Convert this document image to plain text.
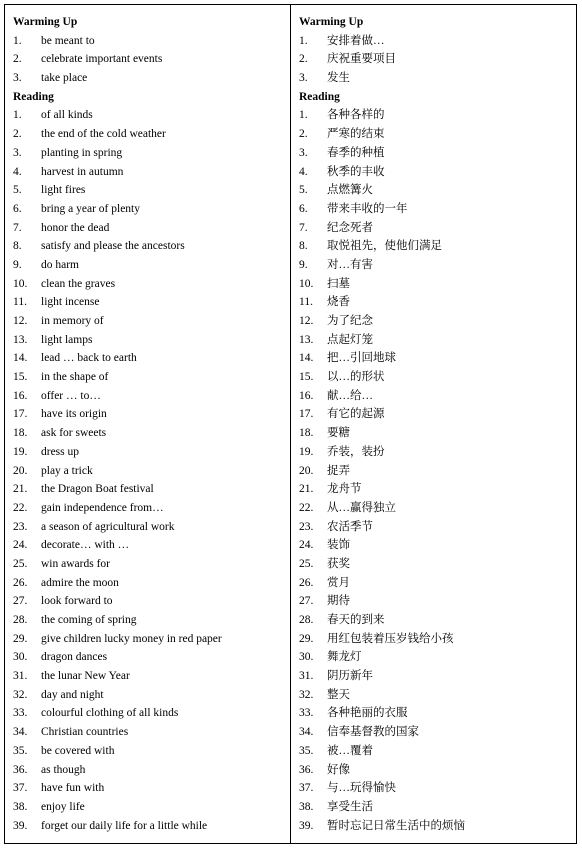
Warming Up
1.	be meant to
2.	celebrate important events
3.	take place
Reading
1.	of all kinds
2.	the end of the cold weather
3.	planting in spring
4.	harvest in autumn
5.	light fires
6.	bring a year of plenty
7.	honor the dead
8.	satisfy and please the ancestors
9.	do harm
10.	clean the graves
11.	light incense
12.	in memory of
13.	light lamps
14.	lead … back to earth
15.	in the shape of
16.	offer … to…
17.	have its origin
18.	ask for sweets
19.	dress up
20.	play a trick
21.	the Dragon Boat festival
22.	gain independence from…
23.	a season of agricultural work
24.	decorate… with …
25.	win awards for
26.	admire the moon
27.	look forward to
28.	the coming of spring
29.	give children lucky money in red paper
30.	dragon dances
31.	the lunar New Year
32.	day and night
33.	colourful clothing of all kinds
34.	Christian countries
35.	be covered with
36.	as though
37.	have fun with
38.	enjoy life
39.	forget our daily life for a little while
Warming Up
1.	安排着做…
2.	庆祝重要项目
3.	发生
Reading
1.	各种各样的
2.	严寒的结束
3.	春季的种植
4.	秋季的丰收
5.	点燃篝火
6.	带来丰收的一年
7.	纪念死者
8.	取悦祖先，使他们满足
9.	对…有害
10.	扫墓
11.	烧香
12.	为了纪念
13.	点起灯笼
14.	把…引回地球
15.	以…的形状
16.	献…给…
17.	有它的起源
18.	要糖
19.	乔装，装扮
20.	捉弄
21.	龙舟节
22.	从…赢得独立
23.	农活季节
24.	装饰
25.	获奖
26.	赏月
27.	期待
28.	春天的到来
29.	用红包装着压岁钱给小孩
30.	舞龙灯
31.	阴历新年
32.	整天
33.	各种艳丽的衣服
34.	信奉基督教的国家
35.	被…覆着
36.	好像
37.	与…玩得愉快
38.	享受生活
39.	暂时忘记日常生活中的烦恼
